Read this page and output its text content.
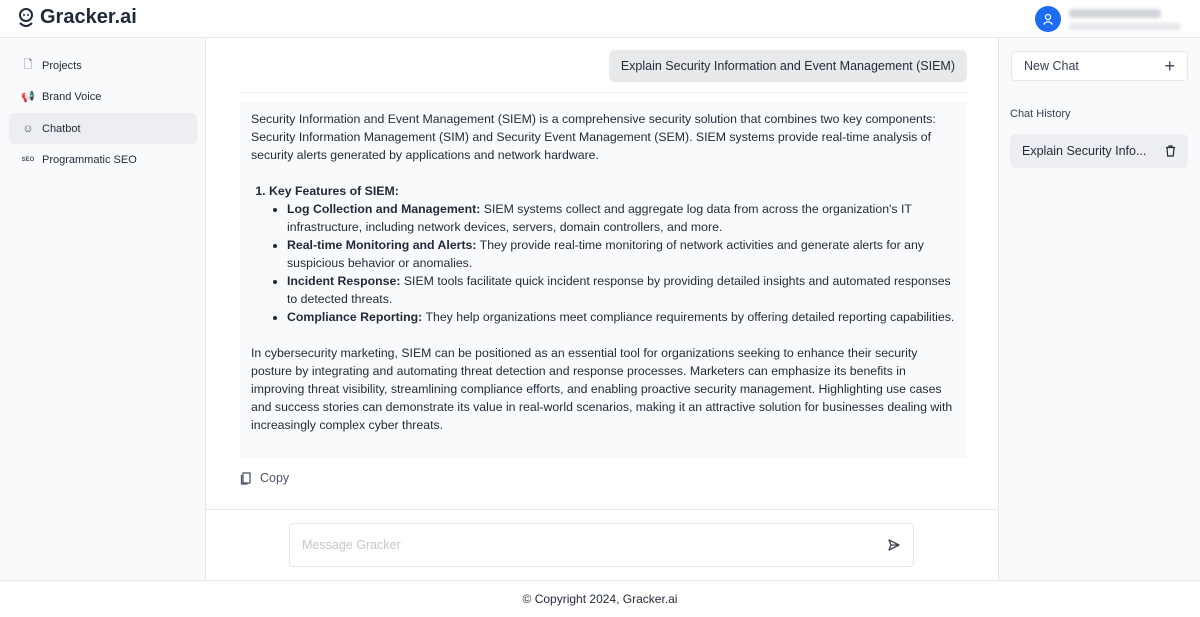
Gracker.ai
🗋 Projects
📢 Brand Voice
☺ Chatbot
SEO Programmatic SEO
Explain Security Information and Event Management (SIEM)

Security Information and Event Management (SIEM) is a comprehensive security solution that combines two key components: Security Information Management (SIM) and Security Event Management (SEM). SIEM systems provide real-time analysis of security alerts generated by applications and network hardware.

1. Key Features of SIEM:
• Log Collection and Management: SIEM systems collect and aggregate log data from across the organization's IT infrastructure, including network devices, servers, domain controllers, and more.
• Real-time Monitoring and Alerts: They provide real-time monitoring of network activities and generate alerts for any suspicious behavior or anomalies.
• Incident Response: SIEM tools facilitate quick incident response by providing detailed insights and automated responses to detected threats.
• Compliance Reporting: They help organizations meet compliance requirements by offering detailed reporting capabilities.

In cybersecurity marketing, SIEM can be positioned as an essential tool for organizations seeking to enhance their security posture by integrating and automating threat detection and response processes. Marketers can emphasize its benefits in improving threat visibility, streamlining compliance efforts, and enabling proactive security management. Highlighting use cases and success stories can demonstrate its value in real-world scenarios, making it an attractive solution for businesses dealing with increasingly complex cyber threats.

Copy
Message Gracker
New Chat	+
Chat History
Explain Security Info...
© Copyright 2024, Gracker.ai
